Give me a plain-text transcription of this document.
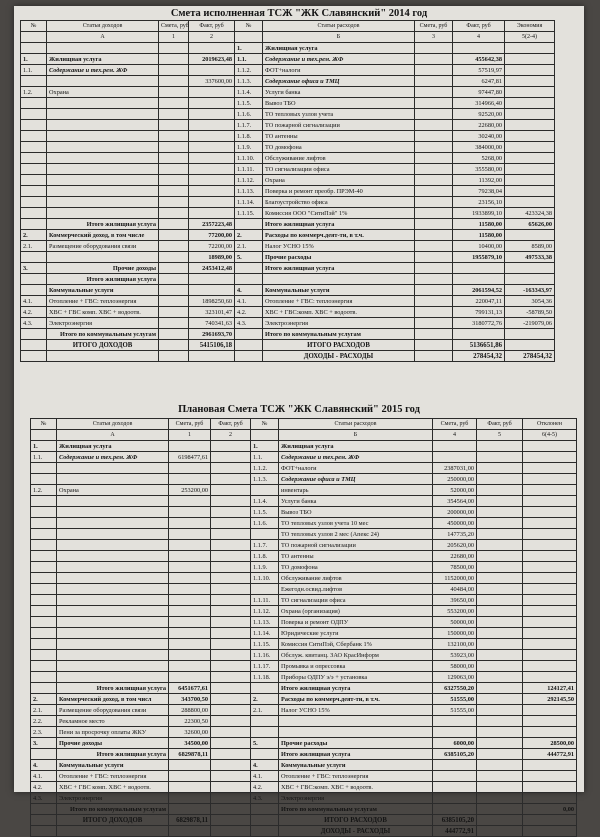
Смета исполненная ТСЖ "ЖК Славянский" 2014 год
№	Статьи доходов	Смета, руб	Факт, руб	№	Статьи расходов	Смета, руб	Факт, руб	Экономия
	А	1	2		Б	3	4	5(2-4)
				1.	Жилищная услуга			
1.	Жилищная услуга		2019623,48	1.1.	Содержание и тех.рем. ЖФ		455642,38	
1.1.	Содержание и тех.рем. ЖФ			1.1.2.	ФОТ+налоги		57519,97	
			337600,00	1.1.3.	Содержание офиса и ТМЦ		6247,81	
1.2.	Охрана			1.1.4.	Услуги банка		97447,80	
				1.1.5.	Вывоз ТБО		314966,40	
				1.1.6.	ТО тепловых узлов учета		92520,00	
				1.1.7.	ТО пожарной сигнализации		22680,00	
				1.1.8.	ТО антенны		30240,00	
				1.1.9.	ТО домофона		384000,00	
				1.1.10.	Обслуживание лифтов		5268,00	
				1.1.11.	ТО сигнализации офиса		355580,00	
				1.1.12.	Охрана		11392,00	
				1.1.13.	Поверка и ремонт преобр. ПРЭМ-40		79238,04	
				1.1.14.	Благоустройство офиса		23156,10	
				1.1.15.	Комиссия ООО "СитиПэй" 1%		1933899,10	423324,38
	Итого жилищная услуга		2357223,48		Итого жилищная услуга		11580,00	65626,00
2.	Коммерческий доход, в том числе		77200,00	2.	Расходы по коммерч.деят-ти, в т.ч.		11580,00	
2.1.	Размещение оборудования связи		72200,00	2.1.	Налог УСНО 15%		10400,00	8589,00
			18989,00	5.	Прочие расходы		1955879,10	497533,38
3.	Прочие доходы		2453412,48		Итого жилищная услуга			
	Итого жилищная услуга							
	Коммунальные услуги			4.	Коммунальные услуги		2061594,52	-163343,97
4.1.	Отопление + ГВС: теплоэнергия		1898250,60	4.1.	Отопление + ГВС: теплоэнергия		220047,11	3054,36
4.2.	ХВС + ГВС комп. ХВС + водоотв.		323101,47	4.2.	ХВС + ГВС:комп. ХВС + водоотв.		799131,13	-58789,50
4.3.	Электроэнергия		740341,63	4.3.	Электроэнергия		3180772,76	-219079,06
	Итого по коммунальным услугам		2961693,70		Итого по коммунальным услугам			
	ИТОГО ДОХОДОВ		5415106,18		ИТОГО РАСХОДОВ		5136651,86	
					ДОХОДЫ - РАСХОДЫ		278454,32	278454,32
Плановая Смета ТСЖ "ЖК Славянский" 2015 год
№	Статьи доходов	Смета, руб	Факт, руб	№	Статьи расходов	Смета, руб	Факт, руб	Отклонен
	А	1	2		Б	4	5	6(4-5)
1.	Жилищная услуга			1.	Жилищная услуга			
1.1.	Содержание и тех.рем. ЖФ	6198477,61		1.1.	Содержание и тех.рем. ЖФ			
				1.1.2.	ФОТ+налоги	2387031,00		
				1.1.3.	Содержание офиса и ТМЦ	250000,00		
1.2.	Охрана	253200,00			инвентарь	52000,00		
				1.1.4.	Услуги банка	354564,00		
				1.1.5.	Вывоз ТБО	200000,00		
				1.1.6.	ТО тепловых узлов учета 10 мес	450000,00		
					ТО тепловых узлов 2 мес (Апекс 24)	147735,20		
				1.1.7.	ТО пожарной сигнализации	205620,00		
				1.1.8.	ТО антенны	22680,00		
				1.1.9.	ТО домофона	78500,00		
				1.1.10.	Обслуживание лифтов	1152000,00		
					Ежегодн.освид.лифтов	40484,00		
				1.1.11.	ТО сигнализации офиса	39650,00		
				1.1.12.	Охрана (организация)	553200,00		
				1.1.13.	Поверка и ремонт ОДПУ	50000,00		
				1.1.14.	Юридические услуги	150000,00		
				1.1.15.	Комиссия СитиПэй, Сбербанк 1%	132100,00		
				1.1.16.	Обслуж. квитанц. ЗАО КрасИнформ	53923,00		
				1.1.17.	Промывка и опрессовка	58000,00		
				1.1.18.	Приборы ОДПУ э/э + установка	129063,00		
	Итого жилищная услуга	6451677,61			Итого жилищная услуга	6327550,20		124127,41
2.	Коммерческий доход, в том числ	343700,50		2.	Расходы по коммерч.деят-ти, в т.ч.	51555,00		292145,50
2.1.	Размещение оборудования связи	288800,00		2.1.	Налог УСНО 15%	51555,00		
2.2.	Рекламное место	22300,50						
2.3.	Пени за просрочку оплаты ЖКУ	32600,00						
3.	Прочие доходы	34500,00		5.	Прочие расходы	6000,00		28500,00
	Итого жилищная услуга	6829878,11			Итого жилищная услуга	6385105,20		444772,91
4.	Коммунальные услуги			4.	Коммунальные услуги			
4.1.	Отопление + ГВС: теплоэнергия			4.1.	Отопление + ГВС: теплоэнергия			
4.2.	ХВС + ГВС комп. ХВС + водоотв.			4.2.	ХВС + ГВС:комп. ХВС + водоотв.			
4.3.	Электроэнергия			4.3.	Электроэнергия			
	Итого по коммунальным услугам				Итого по коммунальным услугам			0,00
	ИТОГО ДОХОДОВ	6829878,11			ИТОГО РАСХОДОВ	6385105,20		
					ДОХОДЫ - РАСХОДЫ	444772,91		
